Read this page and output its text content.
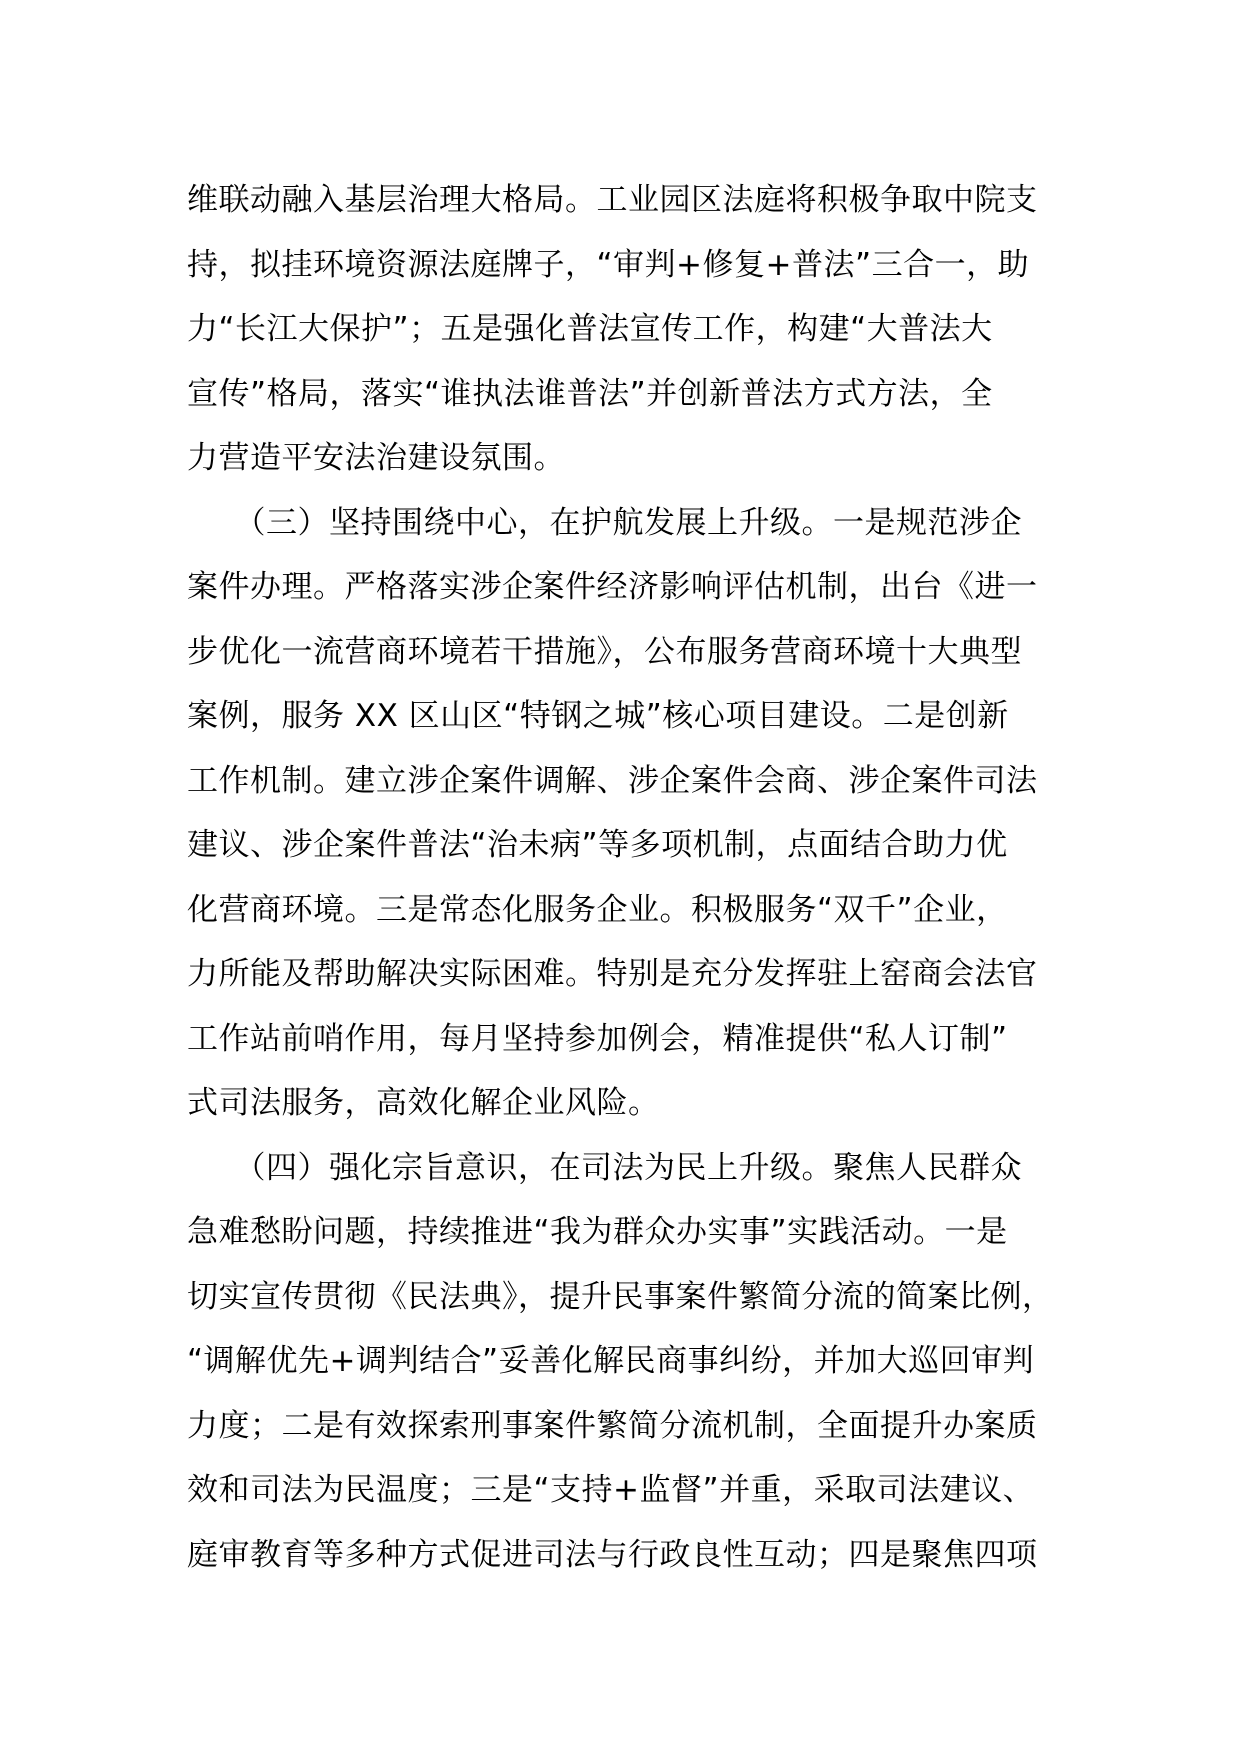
维联动融入基层治理大格局。工业园区法庭将积极争取中院支
持，拟挂环境资源法庭牌子，“审判+修复+普法”三合一，助
力“长江大保护”；五是强化普法宣传工作，构建“大普法大
宣传”格局，落实“谁执法谁普法”并创新普法方式方法，全
力营造平安法治建设氛围。
　　（三）坚持围绕中心，在护航发展上升级。一是规范涉企
案件办理。严格落实涉企案件经济影响评估机制，出台《进一
步优化一流营商环境若干措施》，公布服务营商环境十大典型
案例，服务 XX 区山区“特钢之城”核心项目建设。二是创新
工作机制。建立涉企案件调解、涉企案件会商、涉企案件司法
建议、涉企案件普法“治未病”等多项机制，点面结合助力优
化营商环境。三是常态化服务企业。积极服务“双千”企业，
力所能及帮助解决实际困难。特别是充分发挥驻上窑商会法官
工作站前哨作用，每月坚持参加例会，精准提供“私人订制”
式司法服务，高效化解企业风险。
　　（四）强化宗旨意识，在司法为民上升级。聚焦人民群众
急难愁盼问题，持续推进“我为群众办实事”实践活动。一是
切实宣传贯彻《民法典》，提升民事案件繁简分流的简案比例，
“调解优先+调判结合”妥善化解民商事纠纷，并加大巡回审判
力度；二是有效探索刑事案件繁简分流机制，全面提升办案质
效和司法为民温度；三是“支持+监督”并重，采取司法建议、
庭审教育等多种方式促进司法与行政良性互动；四是聚焦四项
